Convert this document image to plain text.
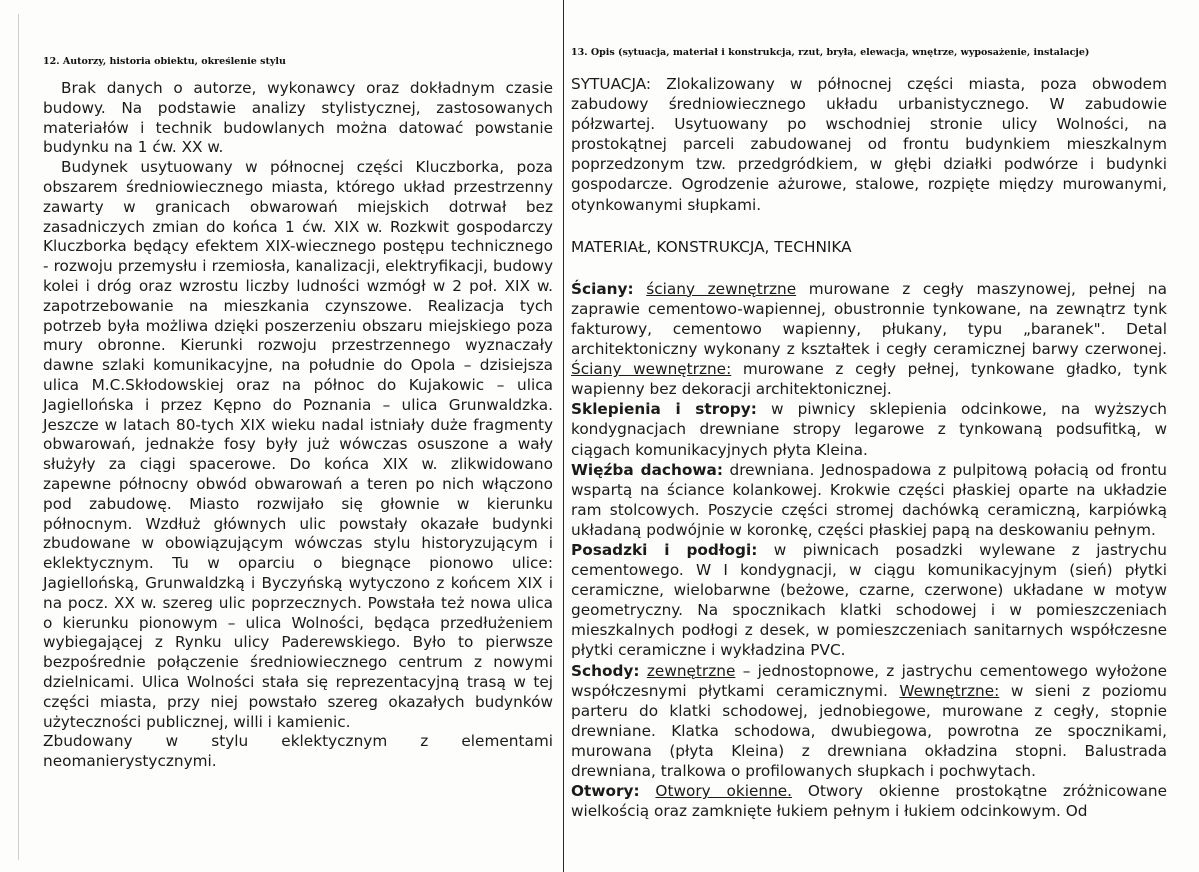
12. Autorzy, historia obiektu, określenie stylu

Brak danych o autorze, wykonawcy oraz dokładnym czasie budowy. Na podstawie analizy stylistycznej, zastosowanych materiałów i technik budowlanych można datować powstanie budynku na 1 ćw. XX w.

Budynek usytuowany w północnej części Kluczborka, poza obszarem średniowiecznego miasta, którego układ przestrzenny zawarty w granicach obwarowań miejskich dotrwał bez zasadniczych zmian do końca 1 ćw. XIX w. Rozkwit gospodarczy Kluczborka będący efektem XIX-wiecznego postępu technicznego - rozwoju przemysłu i rzemiosła, kanalizacji, elektryfikacji, budowy kolei i dróg oraz wzrostu liczby ludności wzmógł w 2 poł. XIX w. zapotrzebowanie na mieszkania czynszowe. Realizacja tych potrzeb była możliwa dzięki poszerzeniu obszaru miejskiego poza mury obronne. Kierunki rozwoju przestrzennego wyznaczały dawne szlaki komunikacyjne, na południe do Opola – dzisiejsza ulica M.C.Skłodowskiej oraz na północ do Kujakowic – ulica Jagiellońska i przez Kępno do Poznania – ulica Grunwaldzka. Jeszcze w latach 80-tych XIX wieku nadal istniały duże fragmenty obwarowań, jednakże fosy były już wówczas osuszone a wały służyły za ciągi spacerowe. Do końca XIX w. zlikwidowano zapewne północny obwód obwarowań a teren po nich włączono pod zabudowę. Miasto rozwijało się głownie w kierunku północnym. Wzdłuż głównych ulic powstały okazałe budynki zbudowane w obowiązującym wówczas stylu historyzującym i eklektycznym. Tu w oparciu o biegnące pionowo ulice: Jagiellońską, Grunwaldzką i Byczyńską wytyczono z końcem XIX i na pocz. XX w. szereg ulic poprzecznych. Powstała też nowa ulica o kierunku pionowym – ulica Wolności, będąca przedłużeniem wybiegającej z Rynku ulicy Paderewskiego. Było to pierwsze bezpośrednie połączenie średniowiecznego centrum z nowymi dzielnicami. Ulica Wolności stała się reprezentacyjną trasą w tej części miasta, przy niej powstało szereg okazałych budynków użyteczności publicznej, willi i kamienic.

Zbudowany w stylu eklektycznym z elementami neomanierystycznymi.

13. Opis (sytuacja, materiał i konstrukcja, rzut, bryła, elewacja, wnętrze, wyposażenie, instalacje)

SYTUACJA: Zlokalizowany w północnej części miasta, poza obwodem zabudowy średniowiecznego układu urbanistycznego. W zabudowie półzwartej. Usytuowany po wschodniej stronie ulicy Wolności, na prostokątnej parceli zabudowanej od frontu budynkiem mieszkalnym poprzedzonym tzw. przedgródkiem, w głębi działki podwórze i budynki gospodarcze. Ogrodzenie ażurowe, stalowe, rozpięte między murowanymi, otynkowanymi słupkami.

MATERIAŁ, KONSTRUKCJA, TECHNIKA

Ściany: ściany zewnętrzne murowane z cegły maszynowej, pełnej na zaprawie cementowo-wapiennej, obustronnie tynkowane, na zewnątrz tynk fakturowy, cementowo wapienny, płukany, typu „baranek". Detal architektoniczny wykonany z kształtek i cegły ceramicznej barwy czerwonej. Ściany wewnętrzne: murowane z cegły pełnej, tynkowane gładko, tynk wapienny bez dekoracji architektonicznej.

Sklepienia i stropy: w piwnicy sklepienia odcinkowe, na wyższych kondygnacjach drewniane stropy legarowe z tynkowaną podsufitką, w ciągach komunikacyjnych płyta Kleina.

Więźba dachowa: drewniana. Jednospadowa z pulpitową połacią od frontu wspartą na ściance kolankowej. Krokwie części płaskiej oparte na układzie ram stolcowych. Poszycie części stromej dachówką ceramiczną, karpiówką układaną podwójnie w koronkę, części płaskiej papą na deskowaniu pełnym.

Posadzki i podłogi: w piwnicach posadzki wylewane z jastrychu cementowego. W I kondygnacji, w ciągu komunikacyjnym (sień) płytki ceramiczne, wielobarwne (beżowe, czarne, czerwone) układane w motyw geometryczny. Na spocznikach klatki schodowej i w pomieszczeniach mieszkalnych podłogi z desek, w pomieszczeniach sanitarnych współczesne płytki ceramiczne i wykładzina PVC.

Schody: zewnętrzne – jednostopnowe, z jastrychu cementowego wyłożone współczesnymi płytkami ceramicznymi. Wewnętrzne: w sieni z poziomu parteru do klatki schodowej, jednobiegowe, murowane z cegły, stopnie drewniane. Klatka schodowa, dwubiegowa, powrotna ze spocznikami, murowana (płyta Kleina) z drewniana okładzina stopni. Balustrada drewniana, tralkowa o profilowanych słupkach i pochwytach.

Otwory: Otwory okienne. Otwory okienne prostokątne zróżnicowane wielkością oraz zamknięte łukiem pełnym i łukiem odcinkowym. Od
